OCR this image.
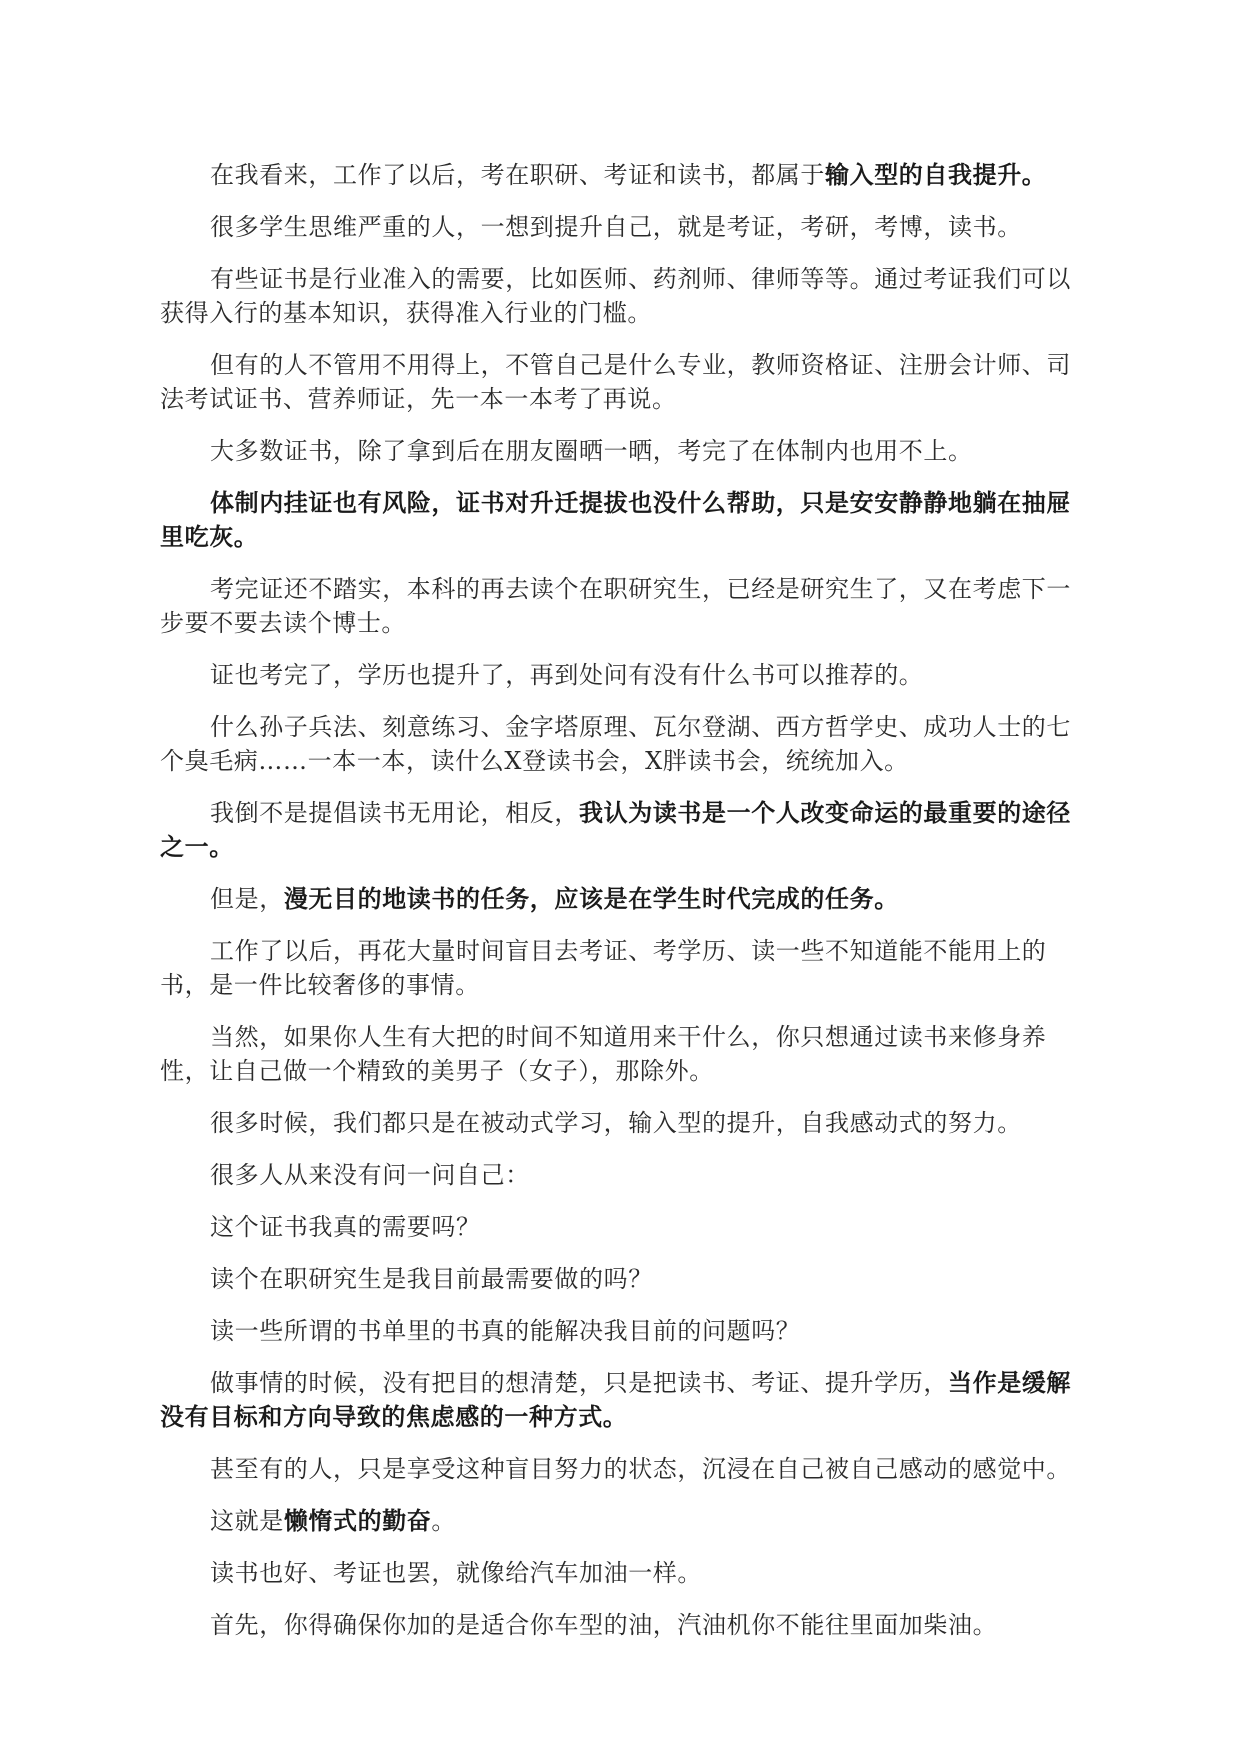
在我看来，工作了以后，考在职研、考证和读书，都属于输入型的自我提升。

很多学生思维严重的人，一想到提升自己，就是考证，考研，考博，读书。

有些证书是行业准入的需要，比如医师、药剂师、律师等等。通过考证我们可以获得入行的基本知识，获得准入行业的门槛。

但有的人不管用不用得上，不管自己是什么专业，教师资格证、注册会计师、司法考试证书、营养师证，先一本一本考了再说。

大多数证书，除了拿到后在朋友圈晒一晒，考完了在体制内也用不上。

体制内挂证也有风险，证书对升迁提拔也没什么帮助，只是安安静静地躺在抽屉里吃灰。

考完证还不踏实，本科的再去读个在职研究生，已经是研究生了，又在考虑下一步要不要去读个博士。

证也考完了，学历也提升了，再到处问有没有什么书可以推荐的。

什么孙子兵法、刻意练习、金字塔原理、瓦尔登湖、西方哲学史、成功人士的七个臭毛病……一本一本，读什么X登读书会，X胖读书会，统统加入。

我倒不是提倡读书无用论，相反，我认为读书是一个人改变命运的最重要的途径之一。

但是，漫无目的地读书的任务，应该是在学生时代完成的任务。

工作了以后，再花大量时间盲目去考证、考学历、读一些不知道能不能用上的书，是一件比较奢侈的事情。

当然，如果你人生有大把的时间不知道用来干什么，你只想通过读书来修身养性，让自己做一个精致的美男子（女子），那除外。

很多时候，我们都只是在被动式学习，输入型的提升，自我感动式的努力。

很多人从来没有问一问自己：

这个证书我真的需要吗？

读个在职研究生是我目前最需要做的吗？

读一些所谓的书单里的书真的能解决我目前的问题吗？

做事情的时候，没有把目的想清楚，只是把读书、考证、提升学历，当作是缓解没有目标和方向导致的焦虑感的一种方式。

甚至有的人，只是享受这种盲目努力的状态，沉浸在自己被自己感动的感觉中。

这就是懒惰式的勤奋。

读书也好、考证也罢，就像给汽车加油一样。

首先，你得确保你加的是适合你车型的油，汽油机你不能往里面加柴油。
